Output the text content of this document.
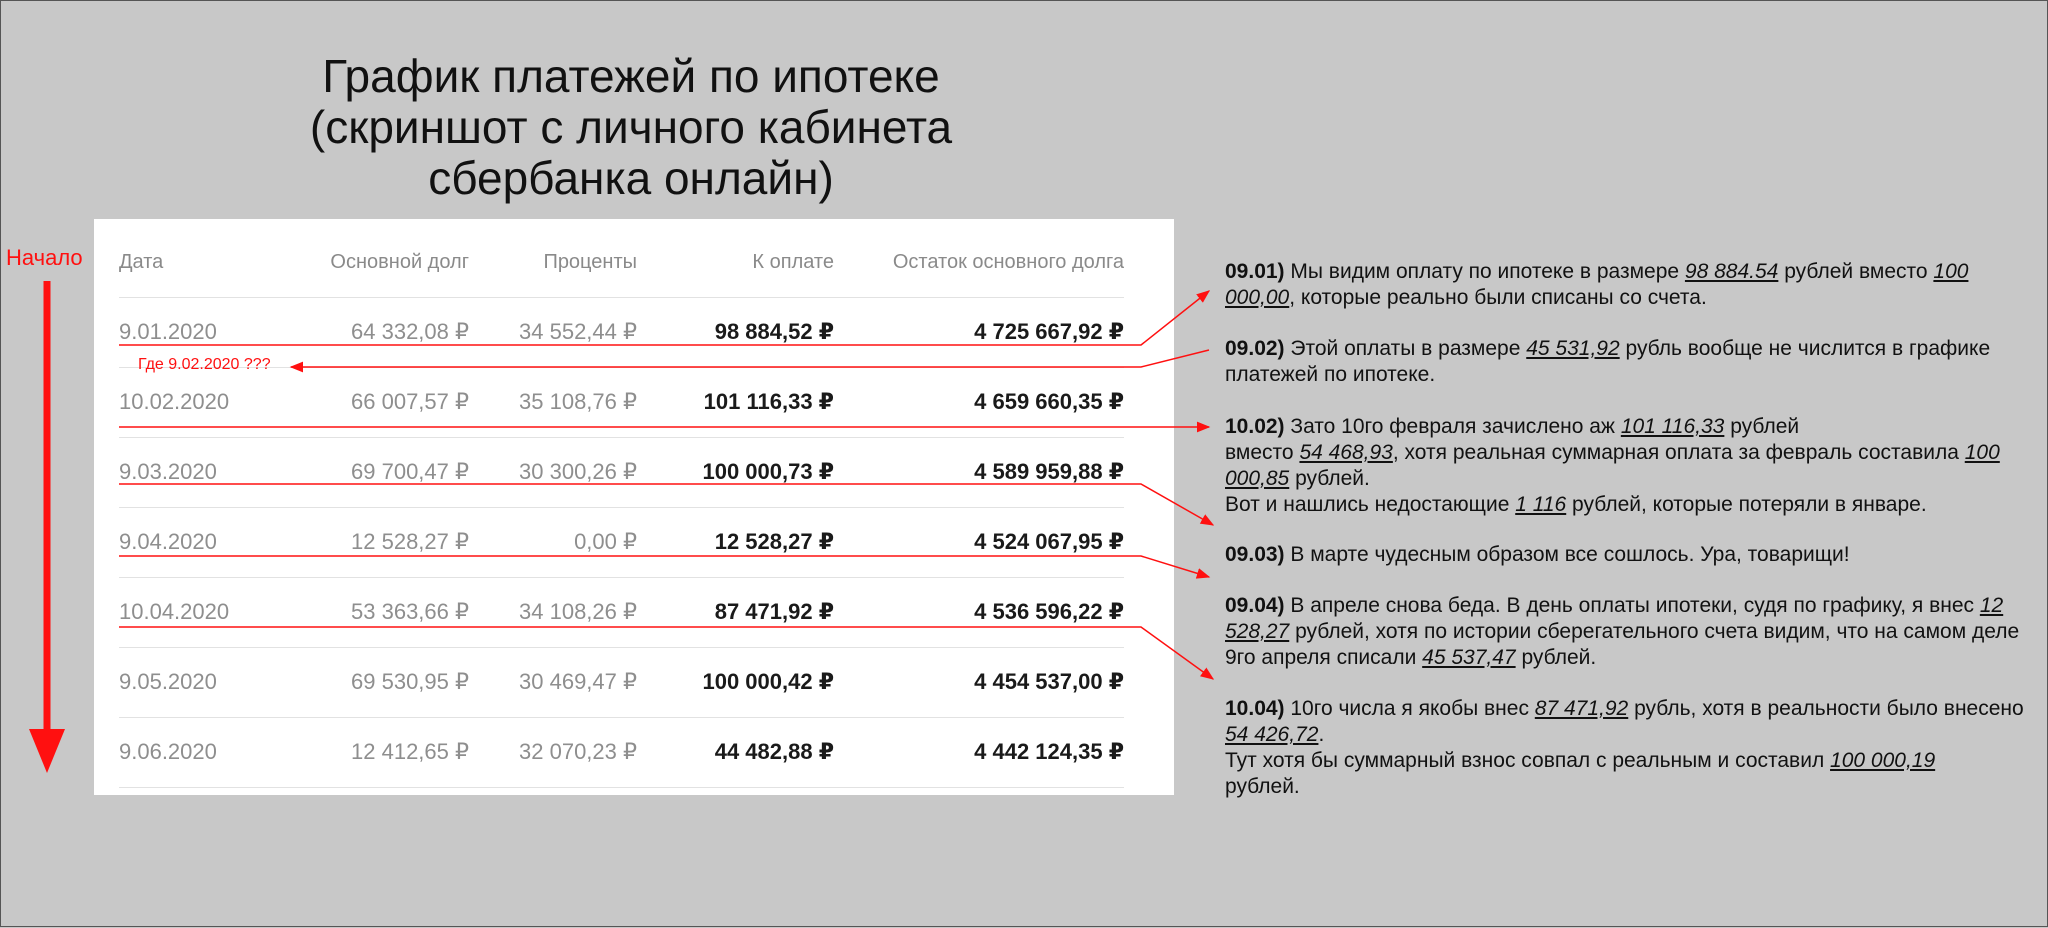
График платежей по ипотеке
(скриншот с личного кабинета
сбербанка онлайн)
Дата	Основной долг	Проценты	К оплате	Остаток основного долга
9.01.2020	64 332,08 ₽	34 552,44 ₽	98 884,52 ₽	4 725 667,92 ₽
10.02.2020	66 007,57 ₽	35 108,76 ₽	101 116,33 ₽	4 659 660,35 ₽
9.03.2020	69 700,47 ₽	30 300,26 ₽	100 000,73 ₽	4 589 959,88 ₽
9.04.2020	12 528,27 ₽	0,00 ₽	12 528,27 ₽	4 524 067,95 ₽
10.04.2020	53 363,66 ₽	34 108,26 ₽	87 471,92 ₽	4 536 596,22 ₽
9.05.2020	69 530,95 ₽	30 469,47 ₽	100 000,42 ₽	4 454 537,00 ₽
9.06.2020	12 412,65 ₽	32 070,23 ₽	44 482,88 ₽	4 442 124,35 ₽
Начало
Где 9.02.2020 ???
09.01) Мы видим оплату по ипотеке в размере 98 884.54 рублей вместо 100 000,00, которые реально были списаны со счета.
09.02) Этой оплаты в размере 45 531,92 рубль вообще не числится в графике платежей по ипотеке.
10.02) Зато 10го февраля зачислено аж 101 116,33 рублей
вместо 54 468,93, хотя реальная суммарная оплата за февраль составила 100 000,85 рублей.
Вот и нашлись недостающие 1 116 рублей, которые потеряли в январе.
09.03) В марте чудесным образом все сошлось. Ура, товарищи!
09.04) В апреле снова беда. В день оплаты ипотеки, судя по графику, я внес 12 528,27 рублей, хотя по истории сберегательного счета видим, что на самом деле 9го апреля списали 45 537,47 рублей.
10.04) 10го числа я якобы внес 87 471,92 рубль, хотя в реальности было внесено 54 426,72.
Тут хотя бы суммарный взнос совпал с реальным и составил 100 000,19
рублей.
